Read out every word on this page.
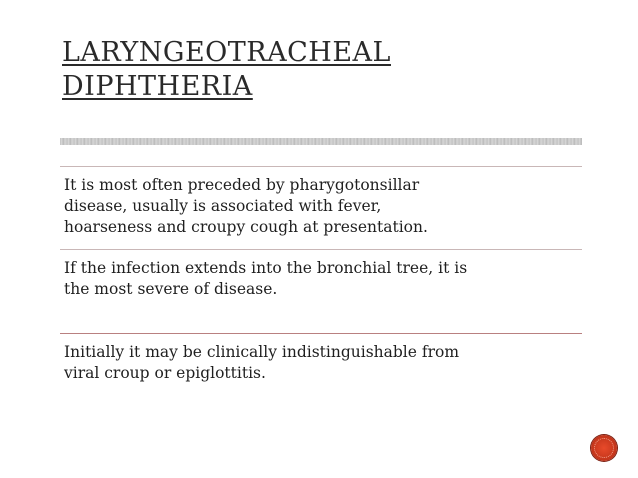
LARYNGEOTRACHEAL
DIPHTHERIA

It is most often preceded by pharygotonsillar
disease, usually is associated with fever,
hoarseness and croupy cough at presentation.

If the infection extends into the bronchial tree, it is
the most severe of disease.

Initially it may be clinically indistinguishable from
viral croup or epiglottitis.
